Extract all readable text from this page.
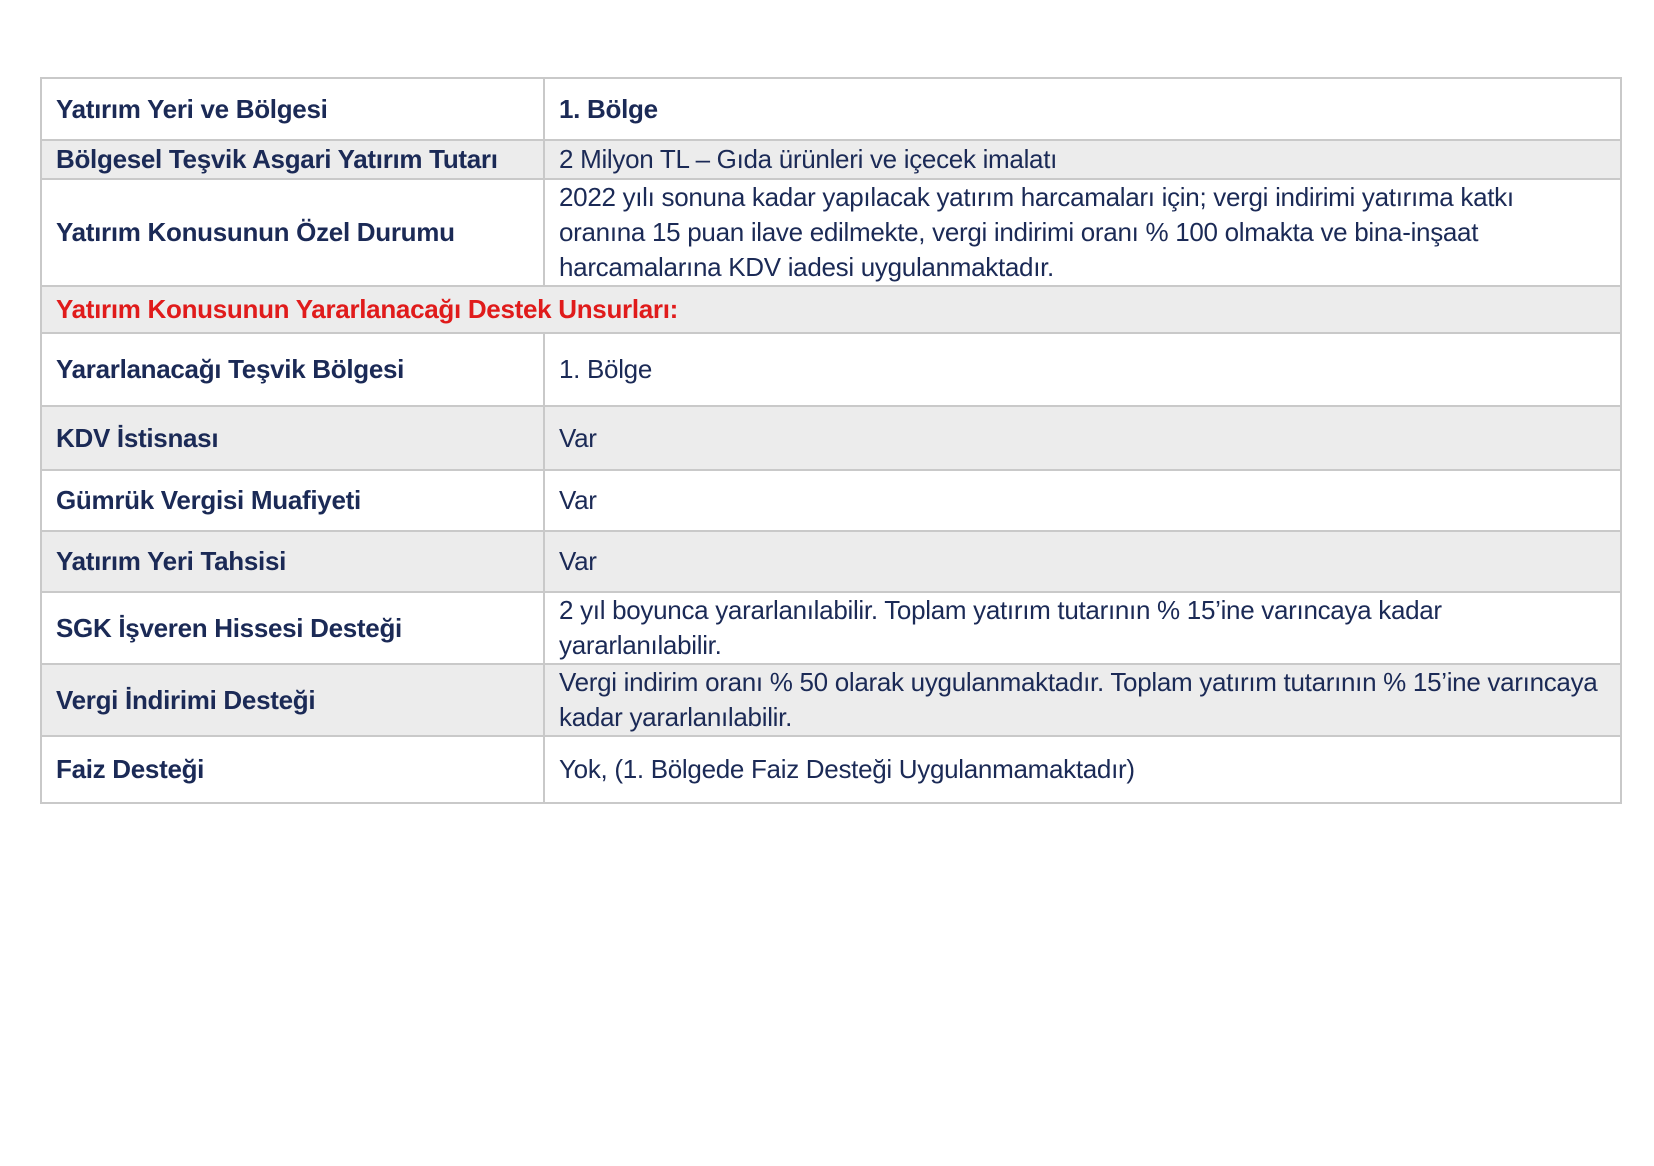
Yatırım Yeri ve Bölgesi	1. Bölge
Bölgesel Teşvik Asgari Yatırım Tutarı	2 Milyon TL – Gıda ürünleri ve içecek imalatı
Yatırım Konusunun Özel Durumu	2022 yılı sonuna kadar yapılacak yatırım harcamaları için; vergi indirimi yatırıma katkı oranına 15 puan ilave edilmekte, vergi indirimi oranı % 100 olmakta ve bina-inşaat harcamalarına KDV iadesi uygulanmaktadır.
Yatırım Konusunun Yararlanacağı Destek Unsurları:	
Yararlanacağı Teşvik Bölgesi	1. Bölge
KDV İstisnası	Var
Gümrük Vergisi Muafiyeti	Var
Yatırım Yeri Tahsisi	Var
SGK İşveren Hissesi Desteği	2 yıl boyunca yararlanılabilir. Toplam yatırım tutarının % 15’ine varıncaya kadar yararlanılabilir.
Vergi İndirimi Desteği	Vergi indirim oranı % 50 olarak uygulanmaktadır. Toplam yatırım tutarının % 15’ine varıncaya kadar yararlanılabilir.
Faiz Desteği	Yok, (1. Bölgede Faiz Desteği Uygulanmamaktadır)
